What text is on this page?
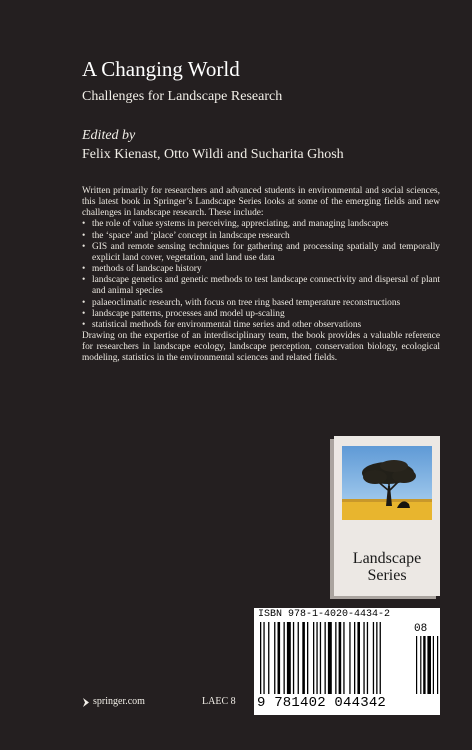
A Changing World
Challenges for Landscape Research
Edited by
Felix Kienast, Otto Wildi and Sucharita Ghosh

Written primarily for researchers and advanced students in environmental and social sciences, this latest book in Springer’s Landscape Series looks at some of the emerging fields and new challenges in landscape research. These include:

• the role of value systems in perceiving, appreciating, and managing landscapes
• the ‘space’ and ‘place’ concept in landscape research
• GIS and remote sensing techniques for gathering and processing spatially and temporally explicit land cover, vegetation, and land use data
• methods of landscape history
• landscape genetics and genetic methods to test landscape connectivity and dispersal of plant and animal species
• palaeoclimatic research, with focus on tree ring based temperature reconstructions
• landscape patterns, processes and model up-scaling
• statistical methods for environmental time series and other observations

Drawing on the expertise of an interdisciplinary team, the book provides a valuable reference for researchers in landscape ecology, landscape perception, conservation biology, ecological modeling, statistics in the environmental sciences and related fields.

Landscape
Series
ISBN 978-1-4020-4434-2
9 781402 044342
08
springer.com	LAEC 8
